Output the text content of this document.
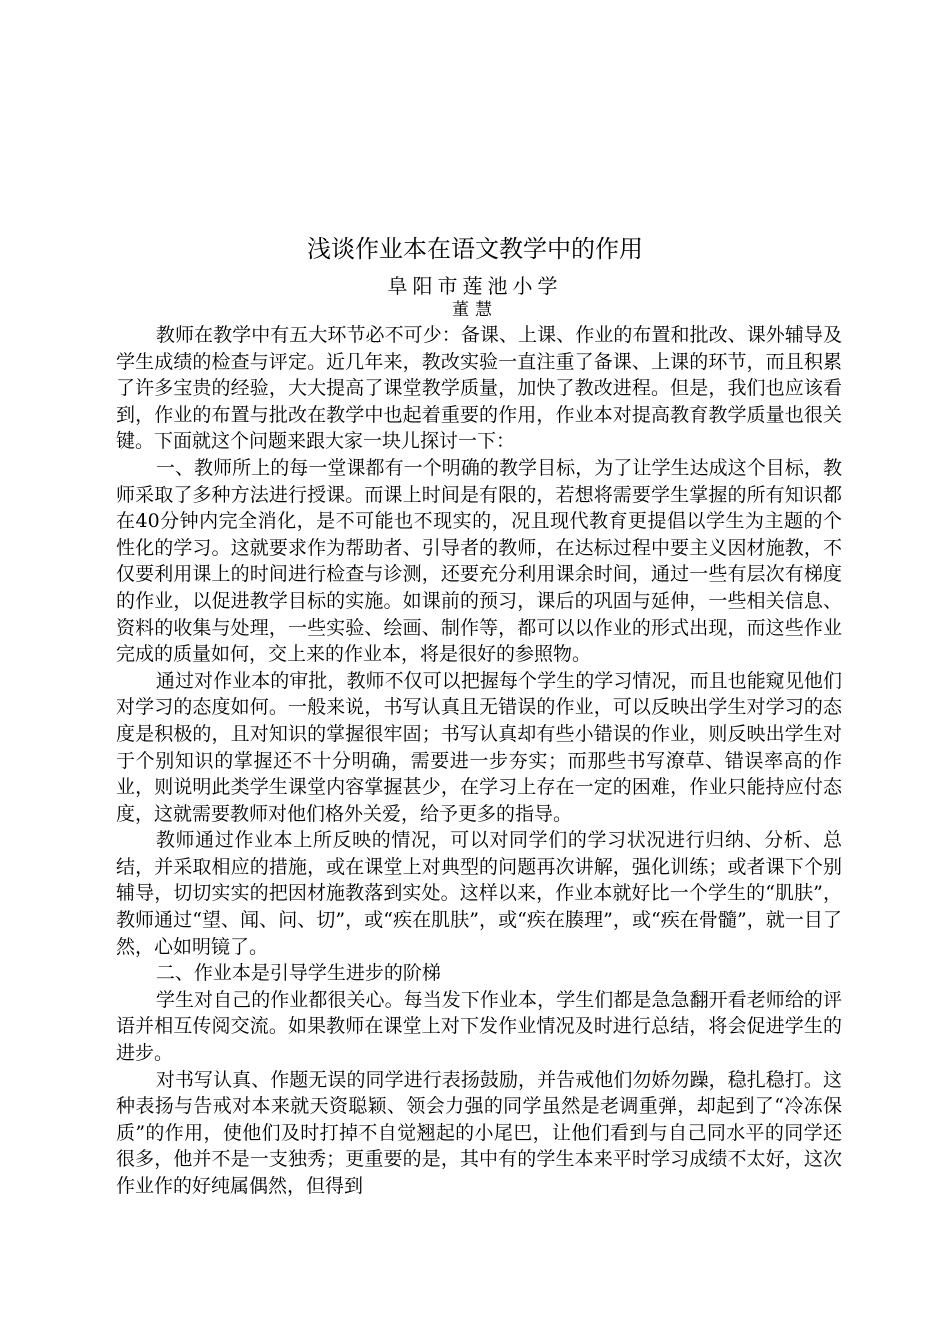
浅谈作业本在语文教学中的作用
阜阳市莲池小学
董慧

教师在教学中有五大环节必不可少：备课、上课、作业的布置和批改、课外辅导及学生成绩的检查与评定。近几年来，教改实验一直注重了备课、上课的环节，而且积累了许多宝贵的经验，大大提高了课堂教学质量，加快了教改进程。但是，我们也应该看到，作业的布置与批改在教学中也起着重要的作用，作业本对提高教育教学质量也很关键。下面就这个问题来跟大家一块儿探讨一下：

一、教师所上的每一堂课都有一个明确的教学目标，为了让学生达成这个目标，教师采取了多种方法进行授课。而课上时间是有限的，若想将需要学生掌握的所有知识都在40分钟内完全消化，是不可能也不现实的，况且现代教育更提倡以学生为主题的个性化的学习。这就要求作为帮助者、引导者的教师，在达标过程中要主义因材施教，不仅要利用课上的时间进行检查与诊测，还要充分利用课余时间，通过一些有层次有梯度的作业，以促进教学目标的实施。如课前的预习，课后的巩固与延伸，一些相关信息、资料的收集与处理，一些实验、绘画、制作等，都可以以作业的形式出现，而这些作业完成的质量如何，交上来的作业本，将是很好的参照物。

通过对作业本的审批，教师不仅可以把握每个学生的学习情况，而且也能窥见他们对学习的态度如何。一般来说，书写认真且无错误的作业，可以反映出学生对学习的态度是积极的，且对知识的掌握很牢固；书写认真却有些小错误的作业，则反映出学生对于个别知识的掌握还不十分明确，需要进一步夯实；而那些书写潦草、错误率高的作业，则说明此类学生课堂内容掌握甚少，在学习上存在一定的困难，作业只能持应付态度，这就需要教师对他们格外关爱，给予更多的指导。

教师通过作业本上所反映的情况，可以对同学们的学习状况进行归纳、分析、总结，并采取相应的措施，或在课堂上对典型的问题再次讲解，强化训练；或者课下个别辅导，切切实实的把因材施教落到实处。这样以来，作业本就好比一个学生的“肌肤”，教师通过“望、闻、问、切”，或“疾在肌肤”，或“疾在腠理”，或“疾在骨髓”，就一目了然，心如明镜了。

二、作业本是引导学生进步的阶梯

学生对自己的作业都很关心。每当发下作业本，学生们都是急急翻开看老师给的评语并相互传阅交流。如果教师在课堂上对下发作业情况及时进行总结，将会促进学生的进步。

对书写认真、作题无误的同学进行表扬鼓励，并告戒他们勿娇勿躁，稳扎稳打。这种表扬与告戒对本来就天资聪颖、领会力强的同学虽然是老调重弹，却起到了“冷冻保质”的作用，使他们及时打掉不自觉翘起的小尾巴，让他们看到与自己同水平的同学还很多，他并不是一支独秀；更重要的是，其中有的学生本来平时学习成绩不太好，这次作业作的好纯属偶然，但得到
